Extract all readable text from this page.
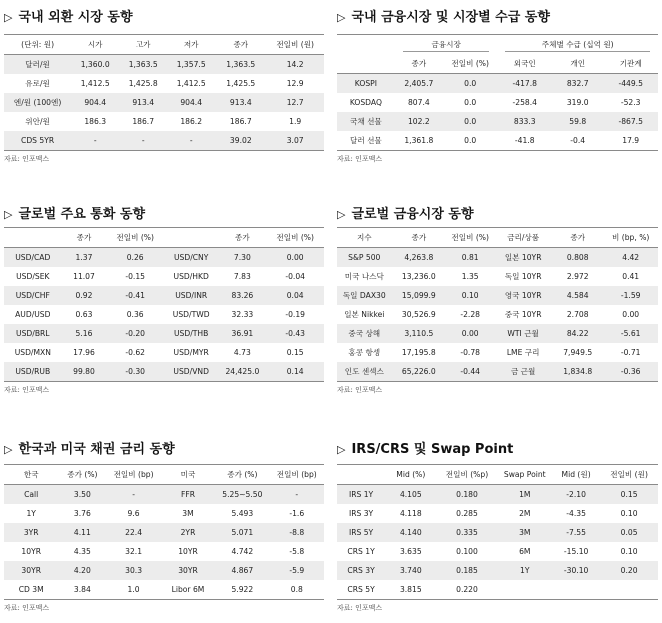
▷ 국내 외환 시장 동향
(단위: 원)	시가	고가	저가	종가	전일비 (원)
달러/원	1,360.0	1,363.5	1,357.5	1,363.5	14.2
유로/원	1,412.5	1,425.8	1,412.5	1,425.5	12.9
엔/원 (100엔)	904.4	913.4	904.4	913.4	12.7
위안/원	186.3	186.7	186.2	186.7	1.9
CDS 5YR	-	-	-	39.02	3.07
자료: 인포맥스
▷ 국내 금융시장 및 시장별 수급 동향
	금융시장		주체별 수급 (십억 원)		
	종가	전일비 (%)	외국인	개인	기관계
KOSPI	2,405.7	0.0	-417.8	832.7	-449.5
KOSDAQ	807.4	0.0	-258.4	319.0	-52.3
국채 선물	102.2	0.0	833.3	59.8	-867.5
달러 선물	1,361.8	0.0	-41.8	-0.4	17.9
자료: 인포맥스
▷ 글로벌 주요 통화 동향
	종가	전일비 (%)		종가	전일비 (%)
USD/CAD	1.37	0.26	USD/CNY	7.30	0.00
USD/SEK	11.07	-0.15	USD/HKD	7.83	-0.04
USD/CHF	0.92	-0.41	USD/INR	83.26	0.04
AUD/USD	0.63	0.36	USD/TWD	32.33	-0.19
USD/BRL	5.16	-0.20	USD/THB	36.91	-0.43
USD/MXN	17.96	-0.62	USD/MYR	4.73	0.15
USD/RUB	99.80	-0.30	USD/VND	24,425.0	0.14
자료: 인포맥스
▷ 글로벌 금융시장 동향
지수	종가	전일비 (%)	금리/상품	종가	비 (bp, %)
S&P 500	4,263.8	0.81	일본 10YR	0.808	4.42
미국 나스닥	13,236.0	1.35	독일 10YR	2.972	0.41
독일 DAX30	15,099.9	0.10	영국 10YR	4.584	-1.59
일본 Nikkei	30,526.9	-2.28	중국 10YR	2.708	0.00
중국 상해	3,110.5	0.00	WTI 근월	84.22	-5.61
홍콩 항셍	17,195.8	-0.78	LME 구리	7,949.5	-0.71
인도 센섹스	65,226.0	-0.44	금 근월	1,834.8	-0.36
자료: 인포맥스
▷ 한국과 미국 채권 금리 동향
한국	종가 (%)	전일비 (bp)	미국	종가 (%)	전일비 (bp)
Call	3.50	-	FFR	5.25~5.50	-
1Y	3.76	9.6	3M	5.493	-1.6
3YR	4.11	22.4	2YR	5.071	-8.8
10YR	4.35	32.1	10YR	4.742	-5.8
30YR	4.20	30.3	30YR	4.867	-5.9
CD 3M	3.84	1.0	Libor 6M	5.922	0.8
자료: 인포맥스
▷ IRS/CRS 및 Swap Point
	Mid (%)	전일비 (%p)	Swap Point	Mid (원)	전일비 (원)
IRS 1Y	4.105	0.180	1M	-2.10	0.15
IRS 3Y	4.118	0.285	2M	-4.35	0.10
IRS 5Y	4.140	0.335	3M	-7.55	0.05
CRS 1Y	3.635	0.100	6M	-15.10	0.10
CRS 3Y	3.740	0.185	1Y	-30.10	0.20
CRS 5Y	3.815	0.220			
자료: 인포맥스
